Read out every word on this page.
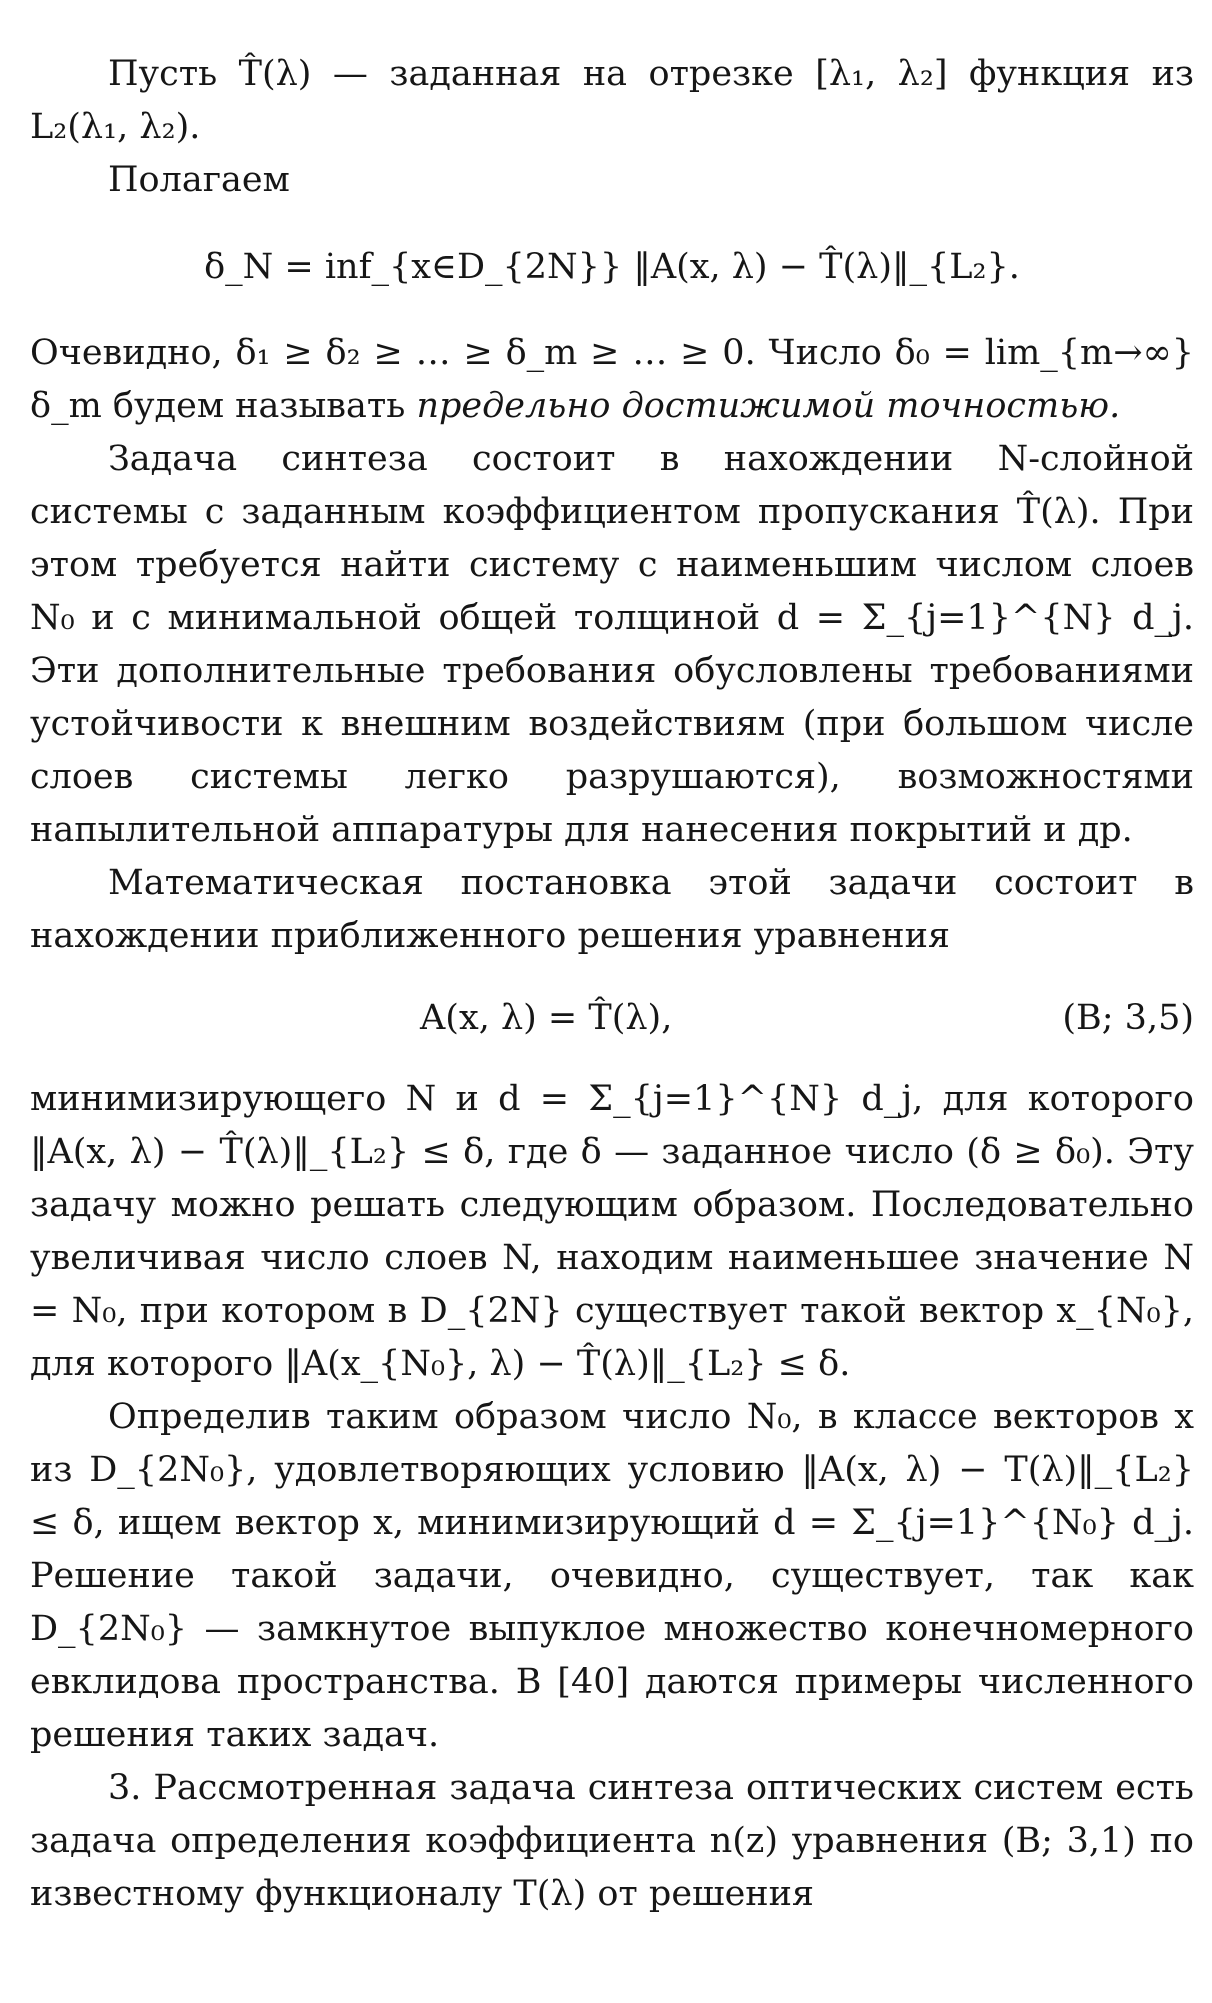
Пусть T̂(λ) — заданная на отрезке [λ₁, λ₂] функция из L₂(λ₁, λ₂).

Полагаем

δ_N = inf_{x∈D_{2N}} ‖A(x, λ) − T̂(λ)‖_{L₂}.

Очевидно, δ₁ ≥ δ₂ ≥ … ≥ δ_m ≥ … ≥ 0. Число δ₀ = lim_{m→∞} δ_m будем называть предельно достижимой точностью.

Задача синтеза состоит в нахождении N-слойной системы с заданным коэффициентом пропускания T̂(λ). При этом требуется найти систему с наименьшим числом слоев N₀ и с минимальной общей толщиной d = Σ_{j=1}^{N} d_j. Эти дополнительные требования обусловлены требованиями устойчивости к внешним воздействиям (при большом числе слоев системы легко разрушаются), возможностями напылительной аппаратуры для нанесения покрытий и др.

Математическая постановка этой задачи состоит в нахождении приближенного решения уравнения

A(x, λ) = T̂(λ),	(B; 3,5)

минимизирующего N и d = Σ_{j=1}^{N} d_j, для которого ‖A(x, λ) − T̂(λ)‖_{L₂} ≤ δ, где δ — заданное число (δ ≥ δ₀). Эту задачу можно решать следующим образом. Последовательно увеличивая число слоев N, находим наименьшее значение N = N₀, при котором в D_{2N} существует такой вектор x_{N₀}, для которого ‖A(x_{N₀}, λ) − T̂(λ)‖_{L₂} ≤ δ.

Определив таким образом число N₀, в классе векторов x из D_{2N₀}, удовлетворяющих условию ‖A(x, λ) − T(λ)‖_{L₂} ≤ δ, ищем вектор x, минимизирующий d = Σ_{j=1}^{N₀} d_j. Решение такой задачи, очевидно, существует, так как D_{2N₀} — замкнутое выпуклое множество конечномерного евклидова пространства. В [40] даются примеры численного решения таких задач.

3. Рассмотренная задача синтеза оптических систем есть задача определения коэффициента n(z) уравнения (B; 3,1) по известному функционалу T(λ) от решения
